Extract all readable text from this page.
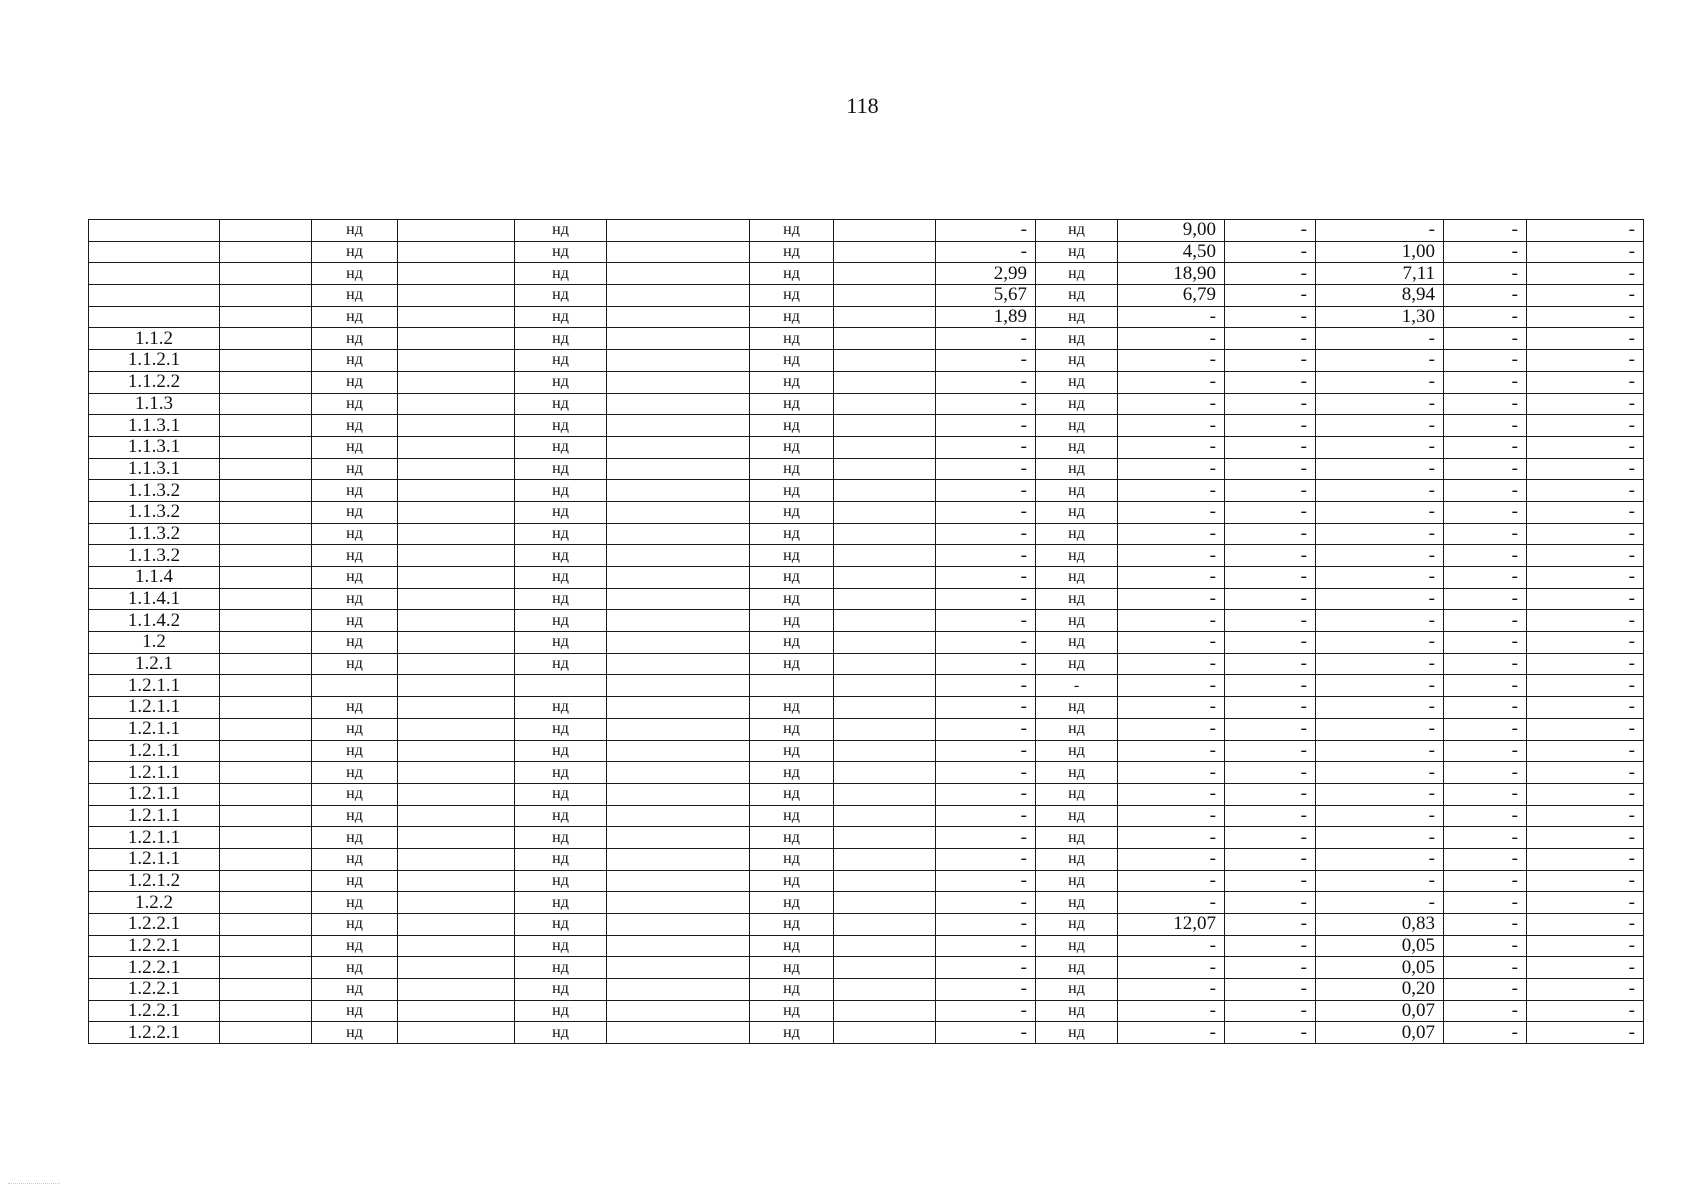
118
		нд		нд		нд		-	нд	9,00	-	-	-	-
		нд		нд		нд		-	нд	4,50	-	1,00	-	-
		нд		нд		нд		2,99	нд	18,90	-	7,11	-	-
		нд		нд		нд		5,67	нд	6,79	-	8,94	-	-
		нд		нд		нд		1,89	нд	-	-	1,30	-	-
1.1.2		нд		нд		нд		-	нд	-	-	-	-	-
1.1.2.1		нд		нд		нд		-	нд	-	-	-	-	-
1.1.2.2		нд		нд		нд		-	нд	-	-	-	-	-
1.1.3		нд		нд		нд		-	нд	-	-	-	-	-
1.1.3.1		нд		нд		нд		-	нд	-	-	-	-	-
1.1.3.1		нд		нд		нд		-	нд	-	-	-	-	-
1.1.3.1		нд		нд		нд		-	нд	-	-	-	-	-
1.1.3.2		нд		нд		нд		-	нд	-	-	-	-	-
1.1.3.2		нд		нд		нд		-	нд	-	-	-	-	-
1.1.3.2		нд		нд		нд		-	нд	-	-	-	-	-
1.1.3.2		нд		нд		нд		-	нд	-	-	-	-	-
1.1.4		нд		нд		нд		-	нд	-	-	-	-	-
1.1.4.1		нд		нд		нд		-	нд	-	-	-	-	-
1.1.4.2		нд		нд		нд		-	нд	-	-	-	-	-
1.2		нд		нд		нд		-	нд	-	-	-	-	-
1.2.1		нд		нд		нд		-	нд	-	-	-	-	-
1.2.1.1								-	-	-	-	-	-	-
1.2.1.1		нд		нд		нд		-	нд	-	-	-	-	-
1.2.1.1		нд		нд		нд		-	нд	-	-	-	-	-
1.2.1.1		нд		нд		нд		-	нд	-	-	-	-	-
1.2.1.1		нд		нд		нд		-	нд	-	-	-	-	-
1.2.1.1		нд		нд		нд		-	нд	-	-	-	-	-
1.2.1.1		нд		нд		нд		-	нд	-	-	-	-	-
1.2.1.1		нд		нд		нд		-	нд	-	-	-	-	-
1.2.1.1		нд		нд		нд		-	нд	-	-	-	-	-
1.2.1.2		нд		нд		нд		-	нд	-	-	-	-	-
1.2.2		нд		нд		нд		-	нд	-	-	-	-	-
1.2.2.1		нд		нд		нд		-	нд	12,07	-	0,83	-	-
1.2.2.1		нд		нд		нд		-	нд	-	-	0,05	-	-
1.2.2.1		нд		нд		нд		-	нд	-	-	0,05	-	-
1.2.2.1		нд		нд		нд		-	нд	-	-	0,20	-	-
1.2.2.1		нд		нд		нд		-	нд	-	-	0,07	-	-
1.2.2.1		нд		нд		нд		-	нд	-	-	0,07	-	-
